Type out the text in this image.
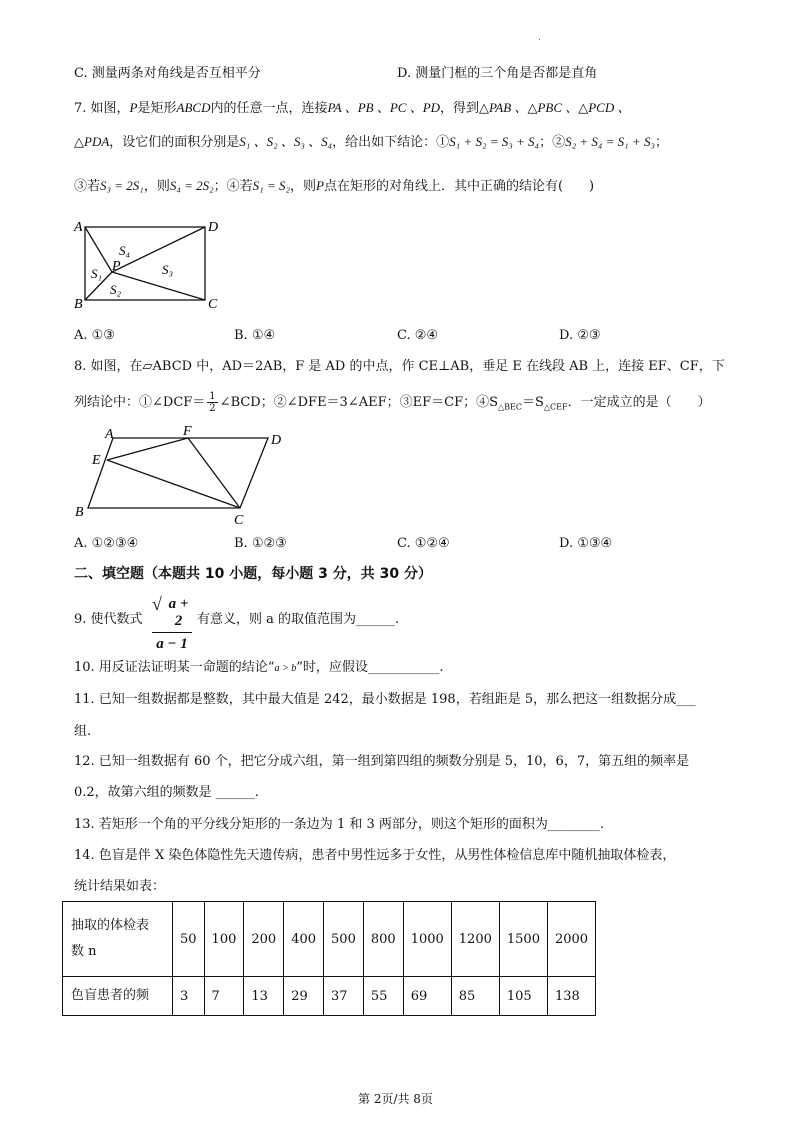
.
C. 测量两条对角线是否互相平分	D. 测量门框的三个角是否都是直角
7. 如图，P是矩形ABCD内的任意一点，连接PA 、PB 、PC 、PD，得到△PAB 、△PBC 、△PCD 、
△PDA，设它们的面积分别是S₁ 、S₂ 、S₃ 、S₄，给出如下结论：①S₁ + S₂ = S₃ + S₄；②S₂ + S₄ = S₁ + S₃；
③若S₃ = 2S₁，则S₄ = 2S₂；④若S₁ = S₂，则P点在矩形的对角线上．其中正确的结论有(　　)
A	D
B	C
P
S₄
S₁	S₃
S₂
A. ①③	B. ①④	C. ②④	D. ②③
8. 如图，在▱ABCD 中，AD＝2AB，F 是 AD 的中点，作 CE⊥AB，垂足 E 在线段 AB 上，连接 EF、CF，下
列结论中：①∠DCF＝ $\frac{1}{2}$ ∠BCD；②∠DFE＝3∠AEF；③EF＝CF；$④S_{\triangle BEC}=S_{\triangle CEF}$．一定成立的是（　　）
A	F
D
E
B
C
A. ①②③④	B. ①②③	C. ①②④	D. ①③④
二、填空题（本题共 10 小题，每小题 3 分，共 30 分）
9. 使代数式 √ $\frac{a + 2}{a - 1}$ 有意义，则 a 的取值范围为______.
10. 用反证法证明某一命题的结论“a > b”时，应假设___________.
11. 已知一组数据都是整数，其中最大值是 242，最小数据是 198，若组距是 5，那么把这一组数据分成___
组.
12. 已知一组数据有 60 个，把它分成六组，第一组到第四组的频数分别是 5，10，6，7，第五组的频率是
0.2，故第六组的频数是 ______.
13. 若矩形一个角的平分线分矩形的一条边为 1 和 3 两部分，则这个矩形的面积为________.
14. 色盲是伴 X 染色体隐性先天遗传病，患者中男性远多于女性，从男性体检信息库中随机抽取体检表，
统计结果如表：
抽取的体检表
数 n	50	100	200	400	500	800	1000	1200	1500	2000
色盲患者的频	3	7	13	29	37	55	69	85	105	138
第 2页/共 8页
